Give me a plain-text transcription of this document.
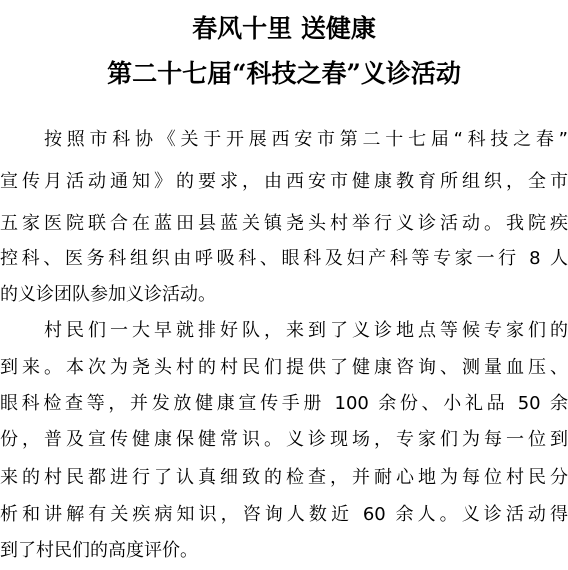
春风十里 送健康
第二十七届“科技之春”义诊活动
按照市科协《关于开展西安市第二十七届“科技之春”
宣传月活动通知》的要求，由西安市健康教育所组织，全市
五家医院联合在蓝田县蓝关镇尧头村举行义诊活动。我院疾
控科、医务科组织由呼吸科、眼科及妇产科等专家一行 8 人
的义诊团队参加义诊活动。
村民们一大早就排好队，来到了义诊地点等候专家们的
到来。本次为尧头村的村民们提供了健康咨询、测量血压、
眼科检查等，并发放健康宣传手册 100 余份、小礼品 50 余
份，普及宣传健康保健常识。义诊现场，专家们为每一位到
来的村民都进行了认真细致的检查，并耐心地为每位村民分
析和讲解有关疾病知识，咨询人数近 60 余人。义诊活动得
到了村民们的高度评价。
